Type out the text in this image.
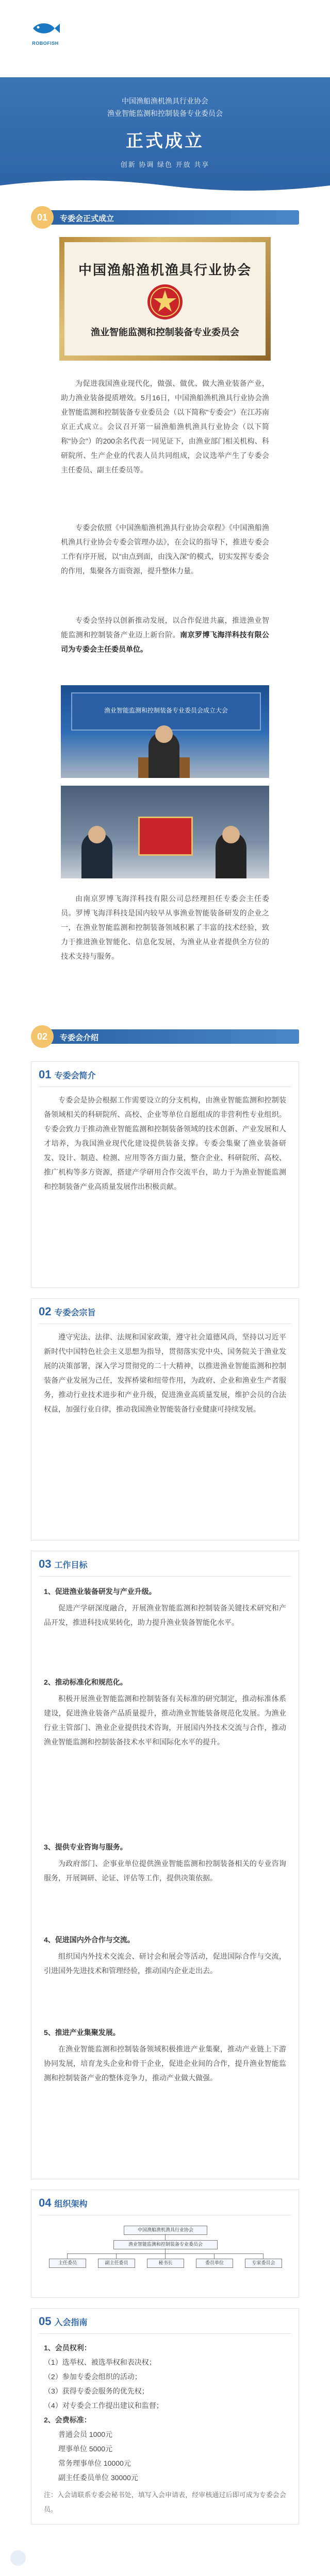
ROBOFISH
中国渔船渔机渔具行业协会
渔业智能监测和控制装备专业委员会
正式成立
创新 协调 绿色 开放 共享
专委会正式成立
01
中国渔船渔机渔具行业协会
渔业智能监测和控制装备专业委员会

为促进我国渔业现代化，做强、做优、做大渔业装备产业，助力渔业装备提质增效。5月16日，中国渔船渔机渔具行业协会渔业智能监测和控制装备专业委员会（以下简称"专委会"）在江苏南京正式成立。会议召开第一届渔船渔机渔具行业协会（以下简称"协会"）的200余名代表一同见证下，由渔业部门相关机构、科研院所、生产企业的代表人员共同组成，会议选举产生了专委会主任委员、副主任委员等。

专委会依照《中国渔船渔机渔具行业协会章程》《中国渔船渔机渔具行业协会专委会管理办法》，在会议的指导下，推进专委会工作有序开展，以"由点到面，由浅入深"的模式，切实发挥专委会的作用，集聚各方面资源，提升整体力量。

专委会坚持以创新推动发展，以合作促进共赢，推进渔业智能监测和控制装备产业迈上新台阶。南京罗博飞海洋科技有限公司为专委会主任委员单位。

渔业智能监测和控制装备专业委员会成立大会

由南京罗博飞海洋科技有限公司总经理担任专委会主任委员。罗博飞海洋科技是国内较早从事渔业智能装备研发的企业之一，在渔业智能监测和控制装备领域积累了丰富的技术经验，致力于推进渔业智能化、信息化发展，为渔业从业者提供全方位的技术支持与服务。

专委会介绍
02
01 专委会简介

专委会是协会根据工作需要设立的分支机构，由渔业智能监测和控制装备领域相关的科研院所、高校、企业等单位自愿组成的非营利性专业组织。专委会致力于推动渔业智能监测和控制装备领域的技术创新、产业发展和人才培养，为我国渔业现代化建设提供装备支撑。专委会集聚了渔业装备研发、设计、制造、检测、应用等各方面力量，整合企业、科研院所、高校、推广机构等多方资源，搭建产学研用合作交流平台，助力于为渔业智能监测和控制装备产业高质量发展作出积极贡献。

02 专委会宗旨

遵守宪法、法律、法规和国家政策，遵守社会道德风尚，坚持以习近平新时代中国特色社会主义思想为指导，贯彻落实党中央、国务院关于渔业发展的决策部署，深入学习贯彻党的二十大精神，以推进渔业智能监测和控制装备产业发展为己任，发挥桥梁和纽带作用，为政府、企业和渔业生产者服务，推动行业技术进步和产业升级，促进渔业高质量发展，维护会员的合法权益，加强行业自律，推动我国渔业智能装备行业健康可持续发展。

03 工作目标
1、促进渔业装备研发与产业升级。

促进产学研深度融合，开展渔业智能监测和控制装备关键技术研究和产品开发，推进科技成果转化，助力提升渔业装备智能化水平。

2、推动标准化和规范化。

积极开展渔业智能监测和控制装备有关标准的研究制定，推动标准体系建设，促进渔业装备产品质量提升，推动渔业智能装备规范化发展。为渔业行业主管部门、渔业企业提供技术咨询，开展国内外技术交流与合作，推动渔业智能监测和控制装备技术水平和国际化水平的提升。

3、提供专业咨询与服务。

为政府部门、企事业单位提供渔业智能监测和控制装备相关的专业咨询服务，开展调研、论证、评估等工作，提供决策依据。

4、促进国内外合作与交流。

组织国内外技术交流会、研讨会和展会等活动，促进国际合作与交流，引进国外先进技术和管理经验，推动国内企业走出去。

5、推进产业集聚发展。

在渔业智能监测和控制装备领域积极推进产业集聚，推动产业链上下游协同发展，培育龙头企业和骨干企业，促进企业间的合作，提升渔业智能监测和控制装备产业的整体竞争力，推动产业做大做强。

04 组织架构
中国渔船渔机渔具行业协会
渔业智能监测和控制装备专业委员会
主任委员	副主任委员	秘书长	委员单位	专家委员会
05 入会指南
1、会员权利：
（1）选举权、被选举权和表决权；
（2）参加专委会组织的活动；
（3）获得专委会服务的优先权；
（4）对专委会工作提出建议和监督；
2、会费标准：
普通会员 1000元
理事单位 5000元
常务理事单位 10000元
副主任委员单位 30000元
注：入会请联系专委会秘书处，填写入会申请表，经审核通过后即可成为专委会会员。
